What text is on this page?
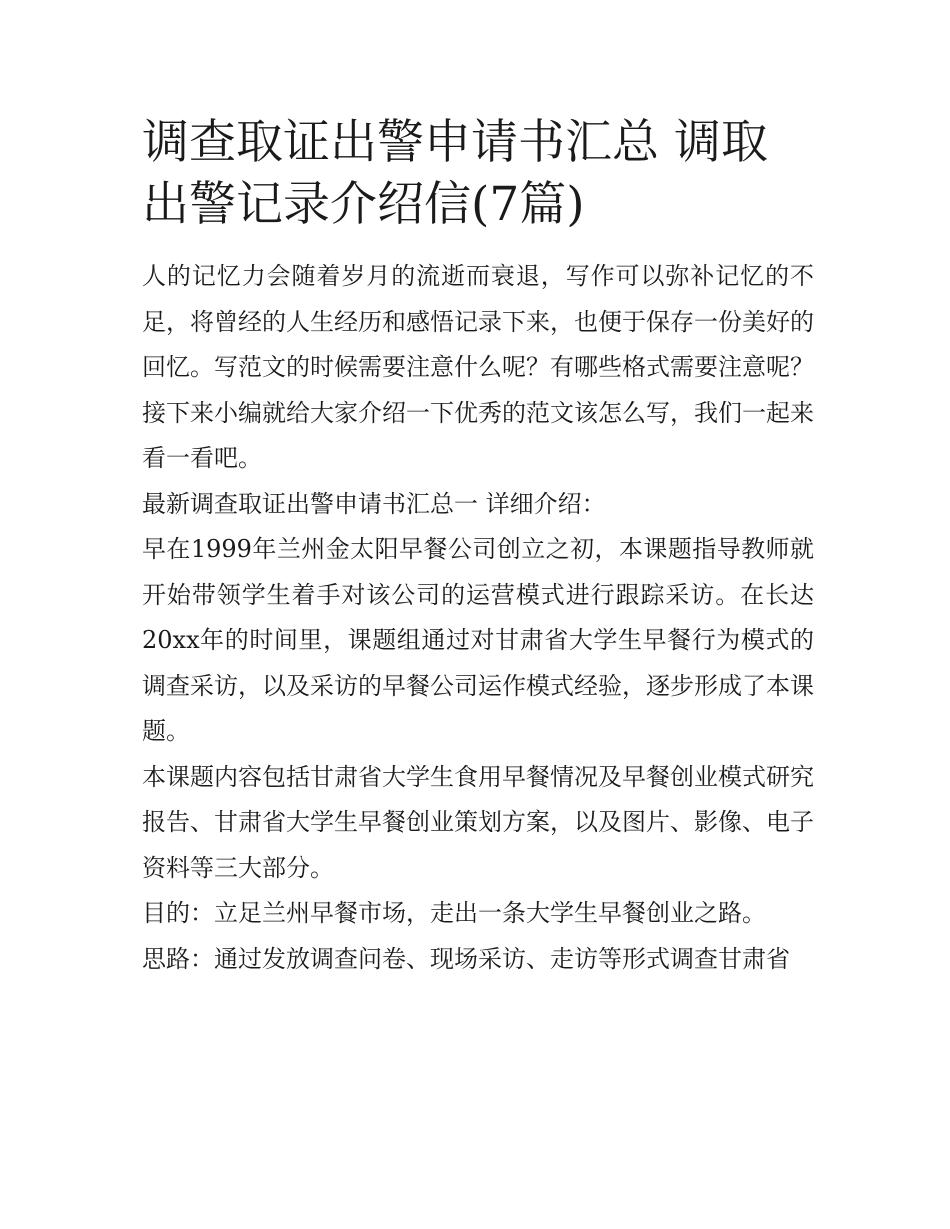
调查取证出警申请书汇总 调取出警记录介绍信(7篇)

人的记忆力会随着岁月的流逝而衰退，写作可以弥补记忆的不足，将曾经的人生经历和感悟记录下来，也便于保存一份美好的回忆。写范文的时候需要注意什么呢？有哪些格式需要注意呢？接下来小编就给大家介绍一下优秀的范文该怎么写，我们一起来看一看吧。

最新调查取证出警申请书汇总一 详细介绍：

早在1999年兰州金太阳早餐公司创立之初，本课题指导教师就开始带领学生着手对该公司的运营模式进行跟踪采访。在长达20xx年的时间里，课题组通过对甘肃省大学生早餐行为模式的调查采访，以及采访的早餐公司运作模式经验，逐步形成了本课题。

本课题内容包括甘肃省大学生食用早餐情况及早餐创业模式研究报告、甘肃省大学生早餐创业策划方案，以及图片、影像、电子资料等三大部分。

目的：立足兰州早餐市场，走出一条大学生早餐创业之路。

思路：通过发放调查问卷、现场采访、走访等形式调查甘肃省
